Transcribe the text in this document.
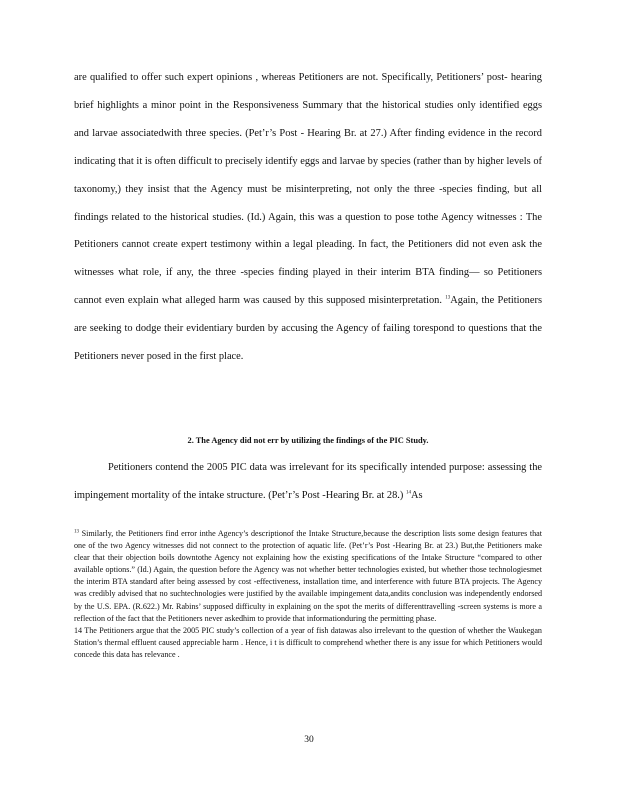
are qualified to offer such expert opinions , whereas Petitioners are not. Specifically, Petitioners’ post- hearing brief highlights a minor point in the Responsiveness Summary that the historical studies only identified eggs and larvae associatedwith three species. (Pet’r’s Post - Hearing Br. at 27.) After finding evidence in the record indicating that it is often difficult to precisely identify eggs and larvae by species (rather than by higher levels of taxonomy,) they insist that the Agency must be misinterpreting, not only the three -species finding, but all findings related to the historical studies. (Id.) Again, this was a question to pose tothe Agency witnesses : The Petitioners cannot create expert testimony within a legal pleading. In fact, the Petitioners did not even ask the witnesses what role, if any, the three -species finding played in their interim BTA finding— so Petitioners cannot even explain what alleged harm was caused by this supposed misinterpretation. $^{13}$Again, the Petitioners are seeking to dodge their evidentiary burden by accusing the Agency of failing torespond to questions that the Petitioners never posed in the first place.

2. The Agency did not err by utilizing the findings of the PIC Study.
Petitioners contend the 2005 PIC data was irrelevant for its specifically intended purpose: assessing the impingement mortality of the intake structure. (Pet’r’s Post -Hearing Br. at 28.) $^{14}$As

$^{13}$ Similarly, the Petitioners find error inthe Agency’s descriptionof the Intake Structure,because the description lists some design features that one of the two Agency witnesses did not connect to the protection of aquatic life. (Pet’r’s Post -Hearing Br. at 23.) But,the Petitioners make clear that their objection boils downtothe Agency not explaining how the existing specifications of the Intake Structure “compared to other available options.” (Id.) Again, the question before the Agency was not whether better technologies existed, but whether those technologiesmet the interim BTA standard after being assessed by cost -effectiveness, installation time, and interference with future BTA projects. The Agency was credibly advised that no suchtechnologies were justified by the available impingement data,andits conclusion was independently endorsed by the U.S. EPA. (R.622.) Mr. Rabins’ supposed difficulty in explaining on the spot the merits of differenttravelling -screen systems is more a reflection of the fact that the Petitioners never askedhim to provide that informationduring the permitting phase.

14 The Petitioners argue that the 2005 PIC study’s collection of a year of fish datawas also irrelevant to the question of whether the Waukegan Station’s thermal effluent caused appreciable harm . Hence, i t is difficult to comprehend whether there is any issue for which Petitioners would concede this data has relevance .

30
